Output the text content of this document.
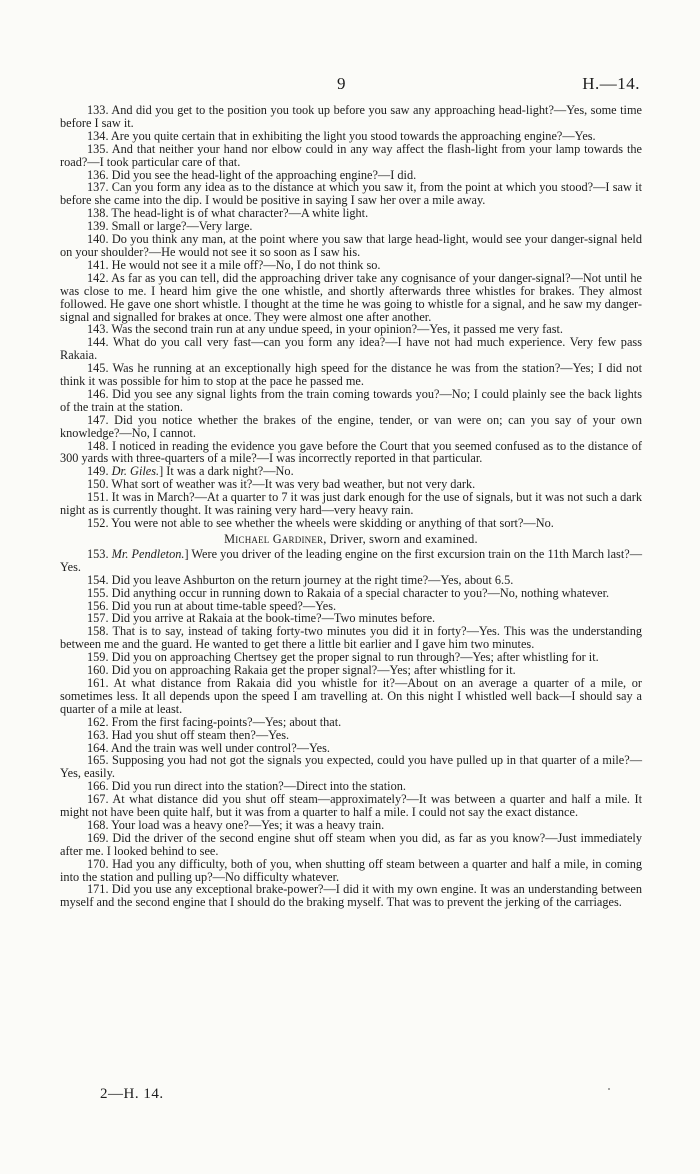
9	H.—14.

133. And did you get to the position you took up before you saw any approaching head-light?—Yes, some time before I saw it.

134. Are you quite certain that in exhibiting the light you stood towards the approaching engine?—Yes.

135. And that neither your hand nor elbow could in any way affect the flash-light from your lamp towards the road?—I took particular care of that.

136. Did you see the head-light of the approaching engine?—I did.

137. Can you form any idea as to the distance at which you saw it, from the point at which you stood?—I saw it before she came into the dip. I would be positive in saying I saw her over a mile away.

138. The head-light is of what character?—A white light.

139. Small or large?—Very large.

140. Do you think any man, at the point where you saw that large head-light, would see your danger-signal held on your shoulder?—He would not see it so soon as I saw his.

141. He would not see it a mile off?—No, I do not think so.

142. As far as you can tell, did the approaching driver take any cognisance of your danger-signal?—Not until he was close to me. I heard him give the one whistle, and shortly afterwards three whistles for brakes. They almost followed. He gave one short whistle. I thought at the time he was going to whistle for a signal, and he saw my danger-signal and signalled for brakes at once. They were almost one after another.

143. Was the second train run at any undue speed, in your opinion?—Yes, it passed me very fast.

144. What do you call very fast—can you form any idea?—I have not had much experience. Very few pass Rakaia.

145. Was he running at an exceptionally high speed for the distance he was from the station?—Yes; I did not think it was possible for him to stop at the pace he passed me.

146. Did you see any signal lights from the train coming towards you?—No; I could plainly see the back lights of the train at the station.

147. Did you notice whether the brakes of the engine, tender, or van were on; can you say of your own knowledge?—No, I cannot.

148. I noticed in reading the evidence you gave before the Court that you seemed confused as to the distance of 300 yards with three-quarters of a mile?—I was incorrectly reported in that particular.

149. Dr. Giles.] It was a dark night?—No.

150. What sort of weather was it?—It was very bad weather, but not very dark.

151. It was in March?—At a quarter to 7 it was just dark enough for the use of signals, but it was not such a dark night as is currently thought. It was raining very hard—very heavy rain.

152. You were not able to see whether the wheels were skidding or anything of that sort?—No.

Michael Gardiner, Driver, sworn and examined.

153. Mr. Pendleton.] Were you driver of the leading engine on the first excursion train on the 11th March last?—Yes.

154. Did you leave Ashburton on the return journey at the right time?—Yes, about 6.5.

155. Did anything occur in running down to Rakaia of a special character to you?—No, nothing whatever.

156. Did you run at about time-table speed?—Yes.

157. Did you arrive at Rakaia at the book-time?—Two minutes before.

158. That is to say, instead of taking forty-two minutes you did it in forty?—Yes. This was the understanding between me and the guard. He wanted to get there a little bit earlier and I gave him two minutes.

159. Did you on approaching Chertsey get the proper signal to run through?—Yes; after whistling for it.

160. Did you on approaching Rakaia get the proper signal?—Yes; after whistling for it.

161. At what distance from Rakaia did you whistle for it?—About on an average a quarter of a mile, or sometimes less. It all depends upon the speed I am travelling at. On this night I whistled well back—I should say a quarter of a mile at least.

162. From the first facing-points?—Yes; about that.

163. Had you shut off steam then?—Yes.

164. And the train was well under control?—Yes.

165. Supposing you had not got the signals you expected, could you have pulled up in that quarter of a mile?—Yes, easily.

166. Did you run direct into the station?—Direct into the station.

167. At what distance did you shut off steam—approximately?—It was between a quarter and half a mile. It might not have been quite half, but it was from a quarter to half a mile. I could not say the exact distance.

168. Your load was a heavy one?—Yes; it was a heavy train.

169. Did the driver of the second engine shut off steam when you did, as far as you know?—Just immediately after me. I looked behind to see.

170. Had you any difficulty, both of you, when shutting off steam between a quarter and half a mile, in coming into the station and pulling up?—No difficulty whatever.

171. Did you use any exceptional brake-power?—I did it with my own engine. It was an understanding between myself and the second engine that I should do the braking myself. That was to prevent the jerking of the carriages.

2—H. 14.
